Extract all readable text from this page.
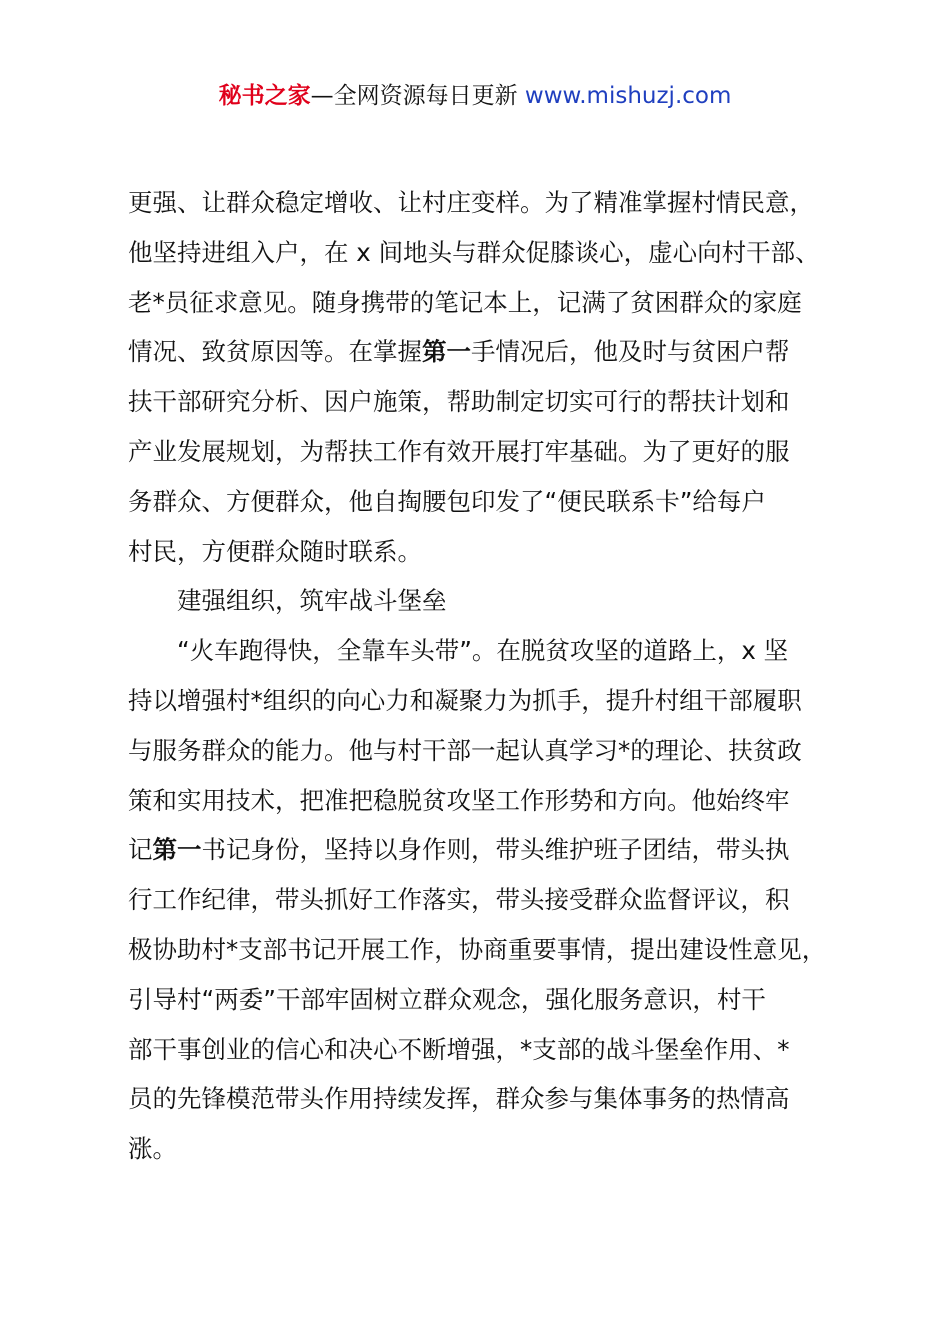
秘书之家—全网资源每日更新 www.mishuzj.com
更强、让群众稳定增收、让村庄变样。为了精准掌握村情民意，
他坚持进组入户，在 x 间地头与群众促膝谈心，虚心向村干部、
老*员征求意见。随身携带的笔记本上，记满了贫困群众的家庭
情况、致贫原因等。在掌握第一手情况后，他及时与贫困户帮
扶干部研究分析、因户施策，帮助制定切实可行的帮扶计划和
产业发展规划，为帮扶工作有效开展打牢基础。为了更好的服
务群众、方便群众，他自掏腰包印发了“便民联系卡”给每户
村民，方便群众随时联系。
建强组织，筑牢战斗堡垒
“火车跑得快，全靠车头带”。在脱贫攻坚的道路上，x 坚
持以增强村*组织的向心力和凝聚力为抓手，提升村组干部履职
与服务群众的能力。他与村干部一起认真学习*的理论、扶贫政
策和实用技术，把准把稳脱贫攻坚工作形势和方向。他始终牢
记第一书记身份，坚持以身作则，带头维护班子团结，带头执
行工作纪律，带头抓好工作落实，带头接受群众监督评议，积
极协助村*支部书记开展工作，协商重要事情，提出建设性意见，
引导村“两委”干部牢固树立群众观念，强化服务意识，村干
部干事创业的信心和决心不断增强，*支部的战斗堡垒作用、*
员的先锋模范带头作用持续发挥，群众参与集体事务的热情高
涨。
